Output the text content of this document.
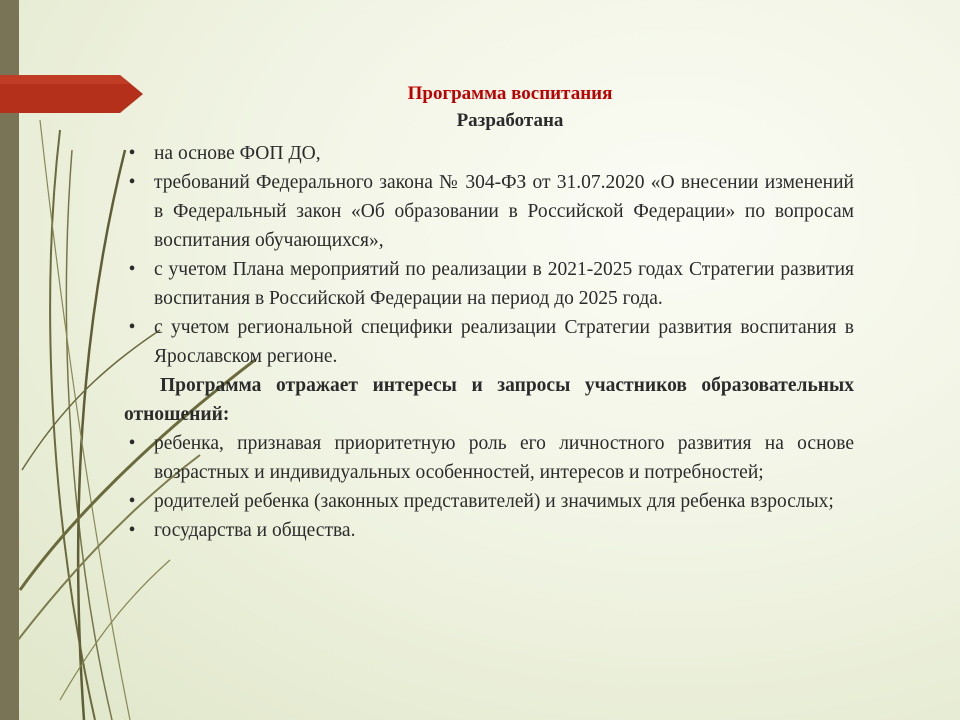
Программа воспитания
Разработана
• на основе ФОП ДО,
• требований Федерального закона № 304-ФЗ от 31.07.2020 «О внесении изменений в Федеральный закон «Об образовании в Российской Федерации» по вопросам воспитания обучающихся»,
• с учетом Плана мероприятий по реализации в 2021-2025 годах Стратегии развития воспитания в Российской Федерации на период до 2025 года.
• с учетом региональной специфики реализации Стратегии развития воспитания в Ярославском регионе.
Программа отражает интересы и запросы участников образовательных отношений:
• ребенка, признавая приоритетную роль его личностного развития на основе возрастных и индивидуальных особенностей, интересов и потребностей;
• родителей ребенка (законных представителей) и значимых для ребенка взрослых;
• государства и общества.
